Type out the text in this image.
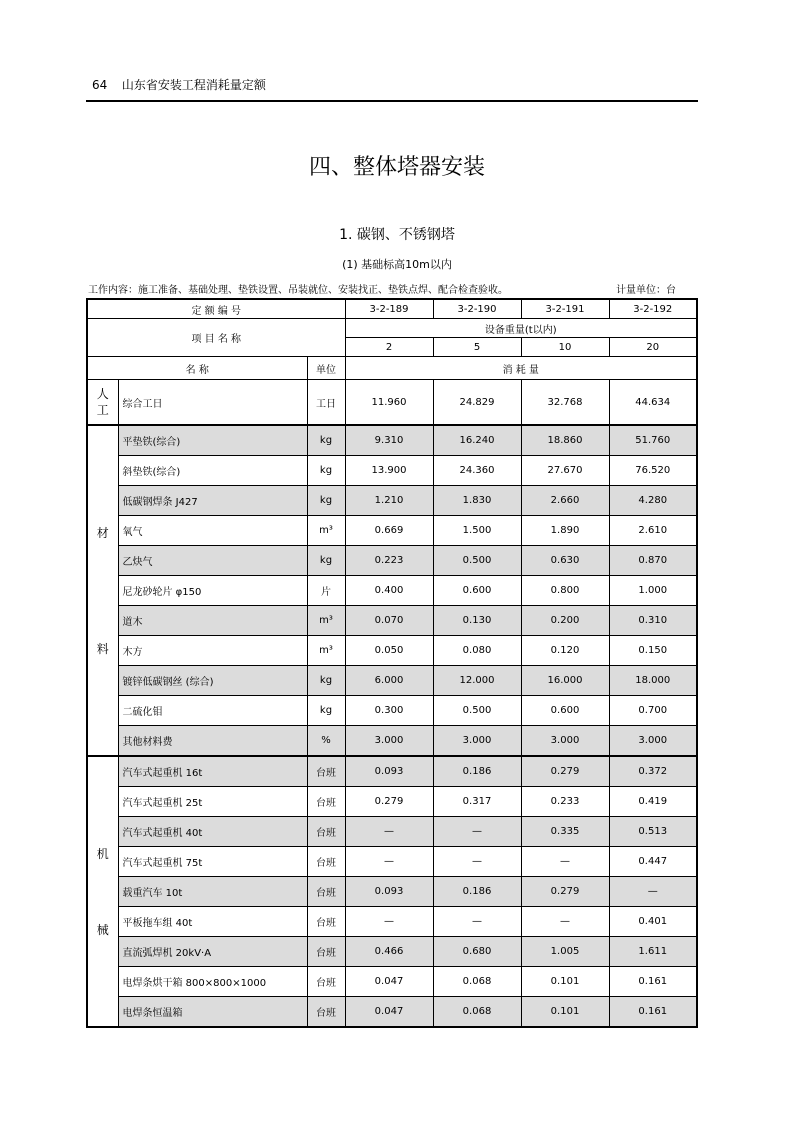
64 山东省安装工程消耗量定额
四、整体塔器安装
1. 碳钢、不锈钢塔
(1) 基础标高10m以内
工作内容：施工准备、基础处理、垫铁设置、吊装就位、安装找正、垫铁点焊、配合检查验收。	计量单位：台
定 额 编 号			3-2-189	3-2-190	3-2-191	3-2-192
项 目 名 称			设备重量(t以内)			
			2	5	10	20
名 称		单位	消 耗 量			
人工	综合工日	工日	11.960	24.829	32.768	44.634

材
料	平垫铁(综合)	kg	9.310	16.240	18.860	51.760
	斜垫铁(综合)	kg	13.900	24.360	27.670	76.520
	低碳钢焊条 J427	kg	1.210	1.830	2.660	4.280
	氧气	m³	0.669	1.500	1.890	2.610
	乙炔气	kg	0.223	0.500	0.630	0.870
	尼龙砂轮片 φ150	片	0.400	0.600	0.800	1.000
	道木	m³	0.070	0.130	0.200	0.310
	木方	m³	0.050	0.080	0.120	0.150
	镀锌低碳钢丝 (综合)	kg	6.000	12.000	16.000	18.000
	二硫化钼	kg	0.300	0.500	0.600	0.700
	其他材料费	%	3.000	3.000	3.000	3.000

机
械	汽车式起重机 16t	台班	0.093	0.186	0.279	0.372
	汽车式起重机 25t	台班	0.279	0.317	0.233	0.419
	汽车式起重机 40t	台班	—	—	0.335	0.513
	汽车式起重机 75t	台班	—	—	—	0.447
	载重汽车 10t	台班	0.093	0.186	0.279	—
	平板拖车组 40t	台班	—	—	—	0.401
	直流弧焊机 20kV·A	台班	0.466	0.680	1.005	1.611
	电焊条烘干箱 800×800×1000	台班	0.047	0.068	0.101	0.161
	电焊条恒温箱	台班	0.047	0.068	0.101	0.161
